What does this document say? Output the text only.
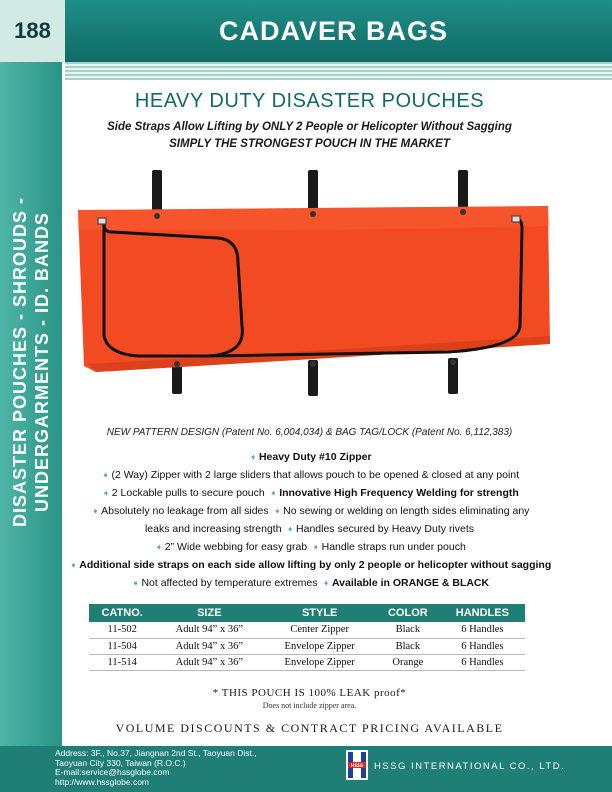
188	CADAVER BAGS
DISASTER POUCHES - SHROUDS - UNDERGARMENTS - ID. BANDS
HEAVY DUTY DISASTER POUCHES
Side Straps Allow Lifting by ONLY 2 People or Helicopter Without Sagging
SIMPLY THE STRONGEST POUCH IN THE MARKET
NEW PATTERN DESIGN (Patent No. 6,004,034) & BAG TAG/LOCK (Patent No. 6,112,383)
➧ Heavy Duty #10 Zipper
➧ (2 Way) Zipper with 2 large sliders that allows pouch to be opened & closed at any point
➧ 2 Lockable pulls to secure pouch ➧ Innovative High Frequency Welding for strength
➧ Absolutely no leakage from all sides ➧ No sewing or welding on length sides eliminating any
leaks and increasing strength ➧ Handles secured by Heavy Duty rivets
➧ 2” Wide webbing for easy grab ➧ Handle straps run under pouch
➧ Additional side straps on each side allow lifting by only 2 people or helicopter without sagging
➧ Not affected by temperature extremes ➧ Available in ORANGE & BLACK
CATNO.	SIZE	STYLE	COLOR	HANDLES
11-502	Adult 94” x 36”	Center Zipper	Black	6 Handles
11-504	Adult 94” x 36”	Envelope Zipper	Black	6 Handles
11-514	Adult 94” x 36”	Envelope Zipper	Orange	6 Handles
* THIS POUCH IS 100% LEAK proof*
Does not include zipper area.
VOLUME DISCOUNTS & CONTRACT PRICING AVAILABLE
Address: 3F., No.37, Jiangnan 2nd St., Taoyuan Dist.,
Taoyuan City 330, Taiwan (R.O.C.)
E-mail:service@hssglobe.com
http://www.hssglobe.com
HSSG HSSG INTERNATIONAL CO., LTD.
